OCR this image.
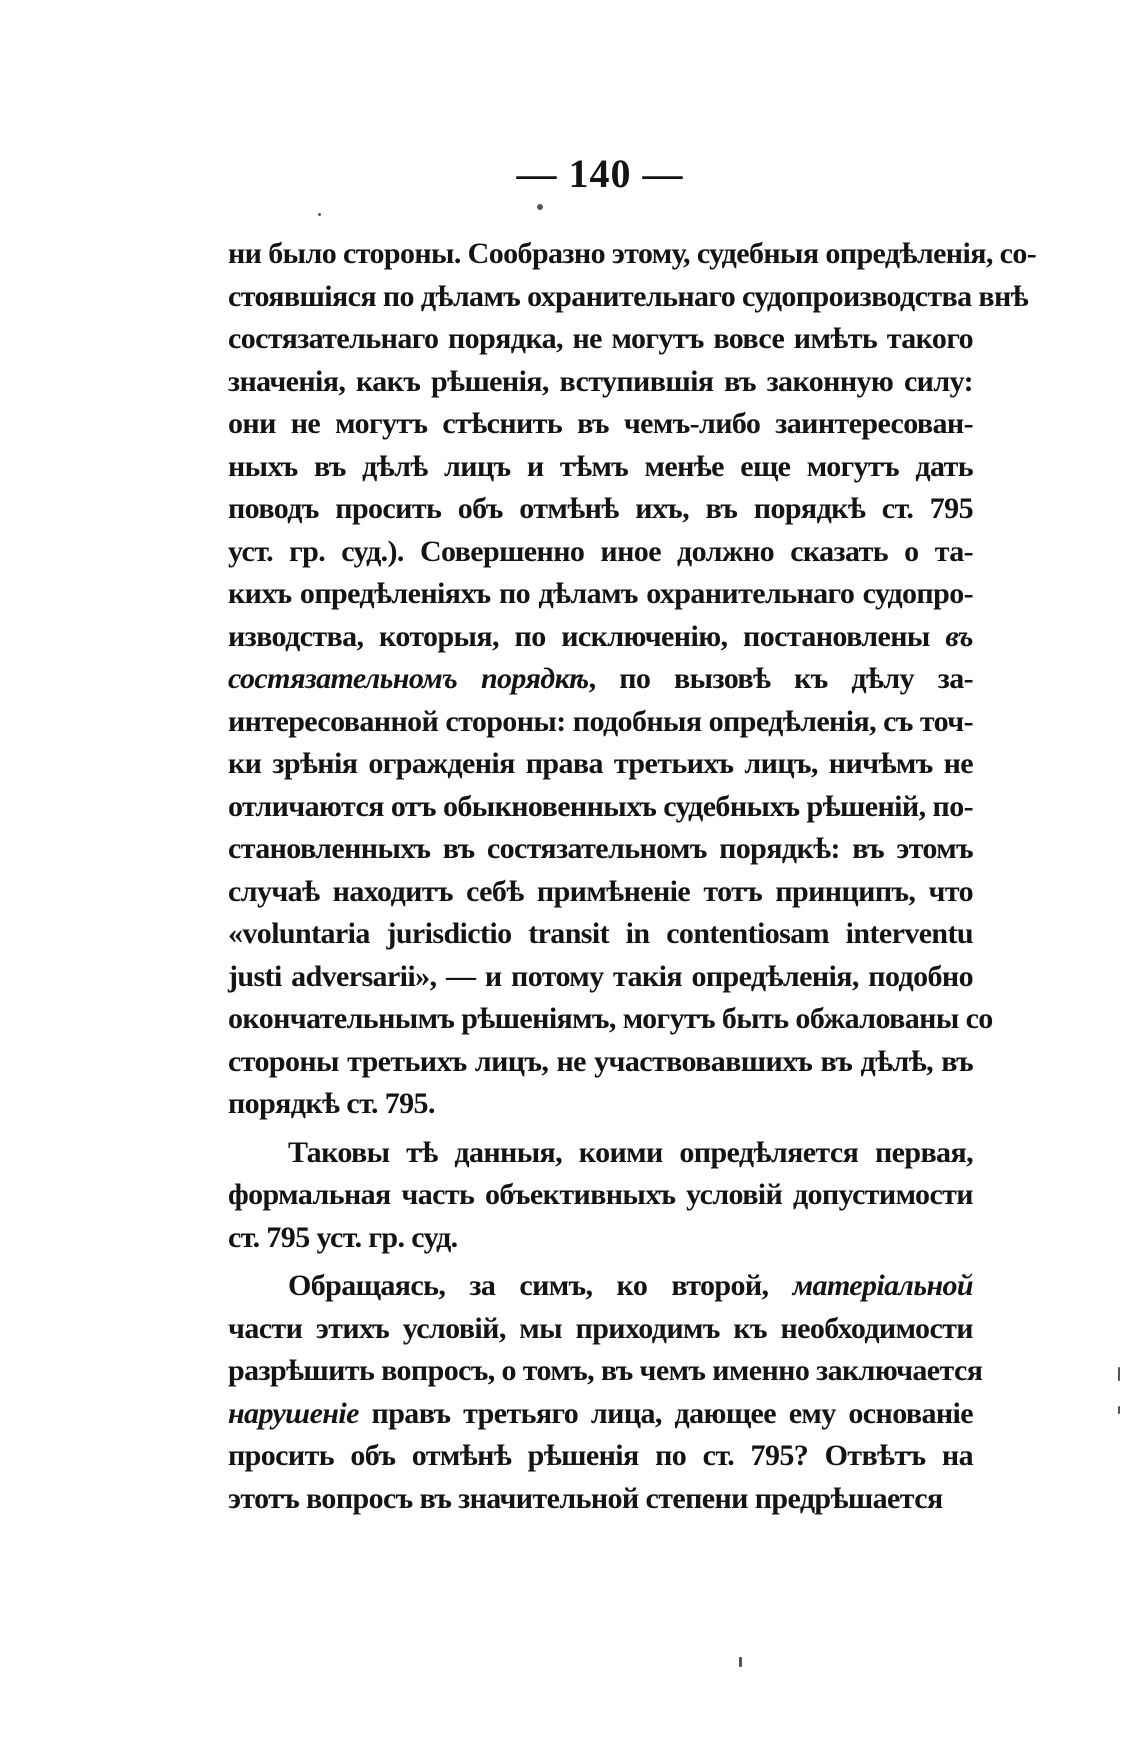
— 140 —
ни было стороны. Сообразно этому, судебныя опредѣленія, со-
стоявшіяся по дѣламъ охранительнаго судопроизводства внѣ
состязательнаго порядка, не могутъ вовсе имѣть такого
значенія, какъ рѣшенія, вступившія въ законную силу:
они не могутъ стѣснить въ чемъ-либо заинтересован-
ныхъ въ дѣлѣ лицъ и тѣмъ менѣе еще могутъ дать
поводъ просить объ отмѣнѣ ихъ, въ порядкѣ ст. 795
уст. гр. суд.). Совершенно иное должно сказать о та-
кихъ опредѣленіяхъ по дѣламъ охранительнаго судопро-
изводства, которыя, по исключенію, постановлены въ
состязательномъ порядкѣ, по вызовѣ къ дѣлу за-
интересованной стороны: подобныя опредѣленія, съ точ-
ки зрѣнія огражденія права третьихъ лицъ, ничѣмъ не
отличаются отъ обыкновенныхъ судебныхъ рѣшеній, по-
становленныхъ въ состязательномъ порядкѣ: въ этомъ
случаѣ находитъ себѣ примѣненіе тотъ принципъ, что
«voluntaria jurisdictio transit in contentiosam interventu
justi adversarii», — и потому такія опредѣленія, подобно
окончательнымъ рѣшеніямъ, могутъ быть обжалованы со
стороны третьихъ лицъ, не участвовавшихъ въ дѣлѣ, въ
порядкѣ ст. 795.
Таковы тѣ данныя, коими опредѣляется первая,
формальная часть объективныхъ условій допустимости
ст. 795 уст. гр. суд.
Обращаясь, за симъ, ко второй, матеріальной
части этихъ условій, мы приходимъ къ необходимости
разрѣшить вопросъ, о томъ, въ чемъ именно заключается
нарушеніе правъ третьяго лица, дающее ему основаніе
просить объ отмѣнѣ рѣшенія по ст. 795? Отвѣтъ на
этотъ вопросъ въ значительной степени предрѣшается
